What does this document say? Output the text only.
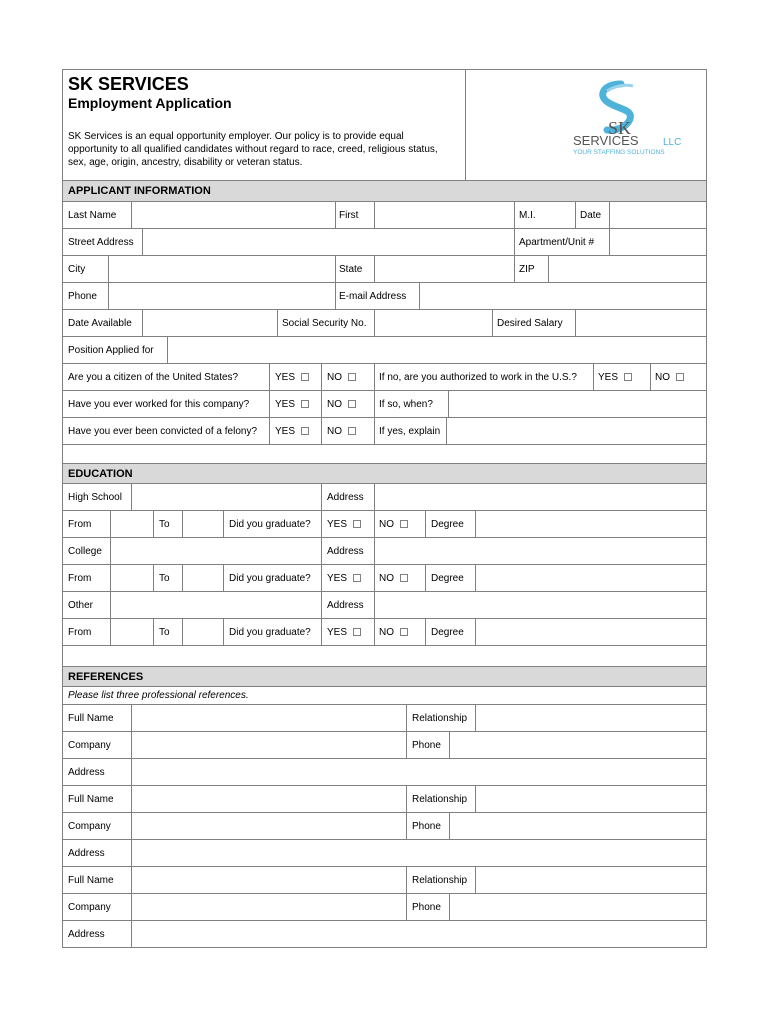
SK SERVICES
Employment Application
SK Services is an equal opportunity employer. Our policy is to provide equal opportunity to all qualified candidates without regard to race, creed, religious status, sex, age, origin, ancestry, disability or veteran status.
SK
SERVICES LLC
YOUR STAFFING SOLUTIONS
APPLICANT INFORMATION
Last Name	First	M.I.	Date
Street Address	Apartment/Unit #
City	State	ZIP
Phone	E-mail Address
Date Available	Social Security No.	Desired Salary
Position Applied for
Are you a citizen of the United States?	YES	NO	If no, are you authorized to work in the U.S.? YES	NO
Have you ever worked for this company?	YES	NO	If so, when?
Have you ever been convicted of a felony? YES	NO	If yes, explain
EDUCATION
High School	Address
From	To	Did you graduate? YES	NO	Degree
College	Address
From	To	Did you graduate? YES	NO	Degree
Other	Address
From	To	Did you graduate? YES	NO	Degree
REFERENCES
Please list three professional references.
Full Name	Relationship
Company	Phone
Address
Full Name	Relationship
Company	Phone
Address
Full Name	Relationship
Company	Phone
Address
